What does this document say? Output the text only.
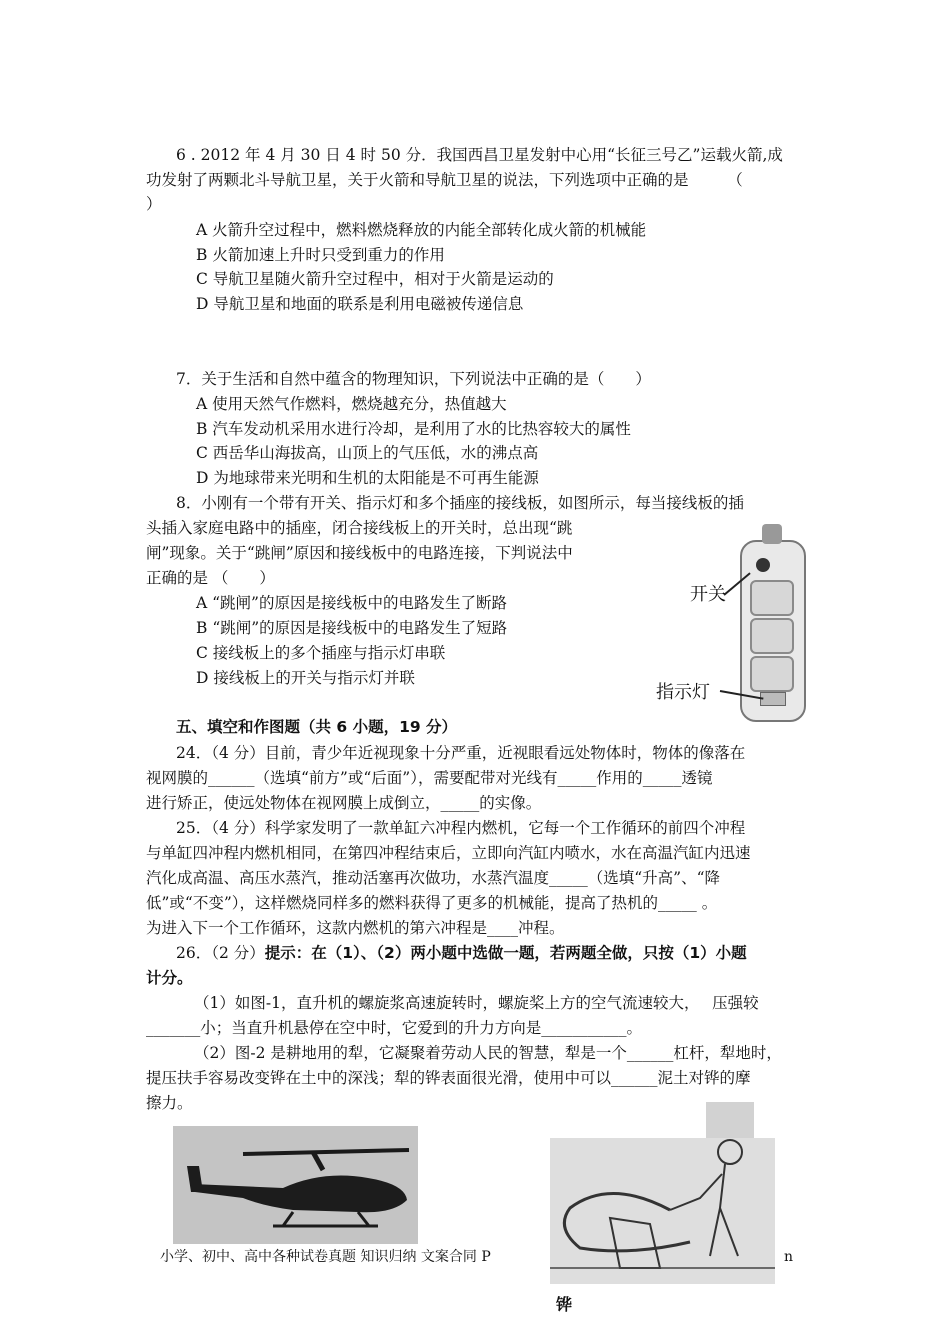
6 . 2012 年 4 月 30 日 4 时 50 分．我国西昌卫星发射中心用“长征三号乙”运载火箭,成
功发射了两颗北斗导航卫星，关于火箭和导航卫星的说法，下列选项中正确的是　　　（
）
A 火箭升空过程中，燃料燃烧释放的内能全部转化成火箭的机械能
B 火箭加速上升时只受到重力的作用
C 导航卫星随火箭升空过程中，相对于火箭是运动的
D 导航卫星和地面的联系是利用电磁被传递信息
7．关于生活和自然中蕴含的物理知识，下列说法中正确的是（　　）
A 使用天然气作燃料，燃烧越充分，热值越大
B 汽车发动机采用水进行冷却，是利用了水的比热容较大的属性
C 西岳华山海拔高，山顶上的气压低，水的沸点高
D 为地球带来光明和生机的太阳能是不可再生能源
8．小刚有一个带有开关、指示灯和多个插座的接线板，如图所示，每当接线板的插
头插入家庭电路中的插座，闭合接线板上的开关时，总出现“跳
闸”现象。关于“跳闸”原因和接线板中的电路连接，下判说法中
正确的是 （　　）
A “跳闸”的原因是接线板中的电路发生了断路
B “跳闸”的原因是接线板中的电路发生了短路
C 接线板上的多个插座与指示灯串联
D 接线板上的开关与指示灯并联
开关
指示灯
五、填空和作图题（共 6 小题，19 分）
24．（4 分）目前，青少年近视现象十分严重，近视眼看远处物体时，物体的像落在
视网膜的______（选填“前方”或“后面”），需要配带对光线有_____作用的_____透镜
进行矫正，使远处物体在视网膜上成倒立，_____的实像。
25．（4 分）科学家发明了一款单缸六冲程内燃机，它每一个工作循环的前四个冲程
与单缸四冲程内燃机相同，在第四冲程结束后，立即向汽缸内喷水，水在高温汽缸内迅速
汽化成高温、高压水蒸汽，推动活塞再次做功，水蒸汽温度_____（选填“升高”、“降
低”或“不变”），这样燃烧同样多的燃料获得了更多的机械能，提高了热机的_____ 。
为进入下一个工作循环，这款内燃机的第六冲程是____冲程。
26．（2 分）提示：在（1）、（2）两小题中选做一题，若两题全做，只按（1）小题
计分。
（1）如图-1，直升机的螺旋浆高速旋转时，螺旋桨上方的空气流速较大，　 压强较
_______小；当直升机悬停在空中时，它爱到的升力方向是___________。
（2）图-2 是耕地用的犁，它凝聚着劳动人民的智慧，犁是一个______杠杆，犁地时，
提压扶手容易改变铧在土中的深浅；犁的铧表面很光滑，使用中可以______泥土对铧的摩
擦力。
小学、初中、高中各种试卷真题 知识归纳 文案合同 P	n
铧
